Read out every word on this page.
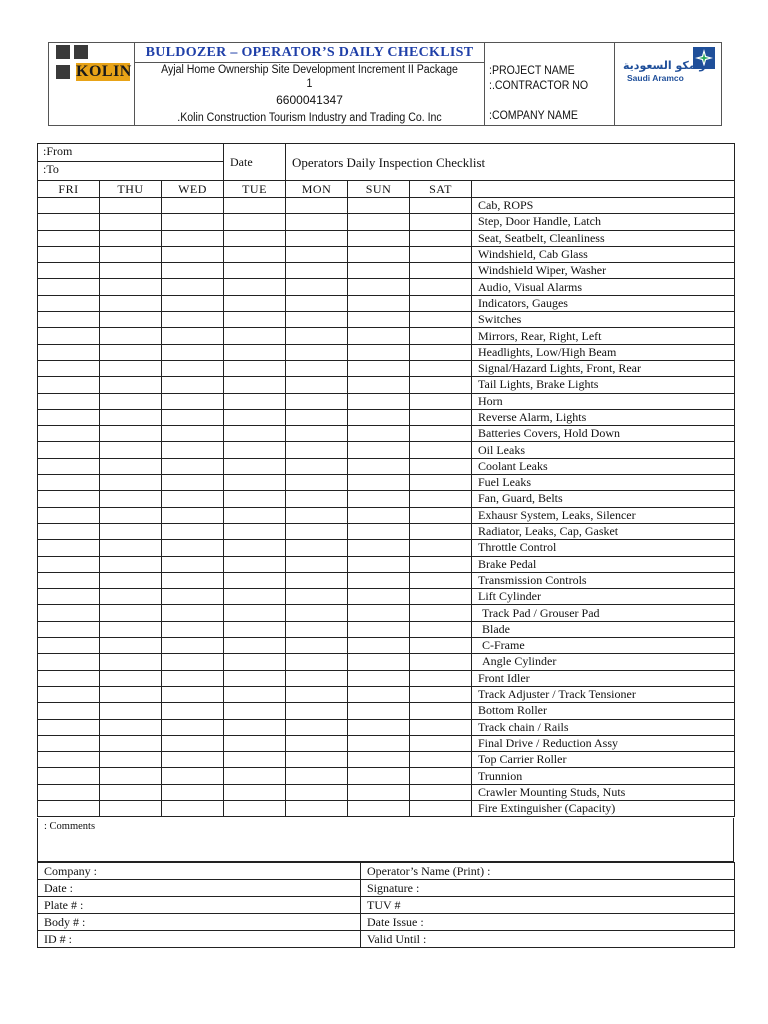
KOLIN
BULDOZER – OPERATOR’S DAILY CHECKLIST
Ayjal Home Ownership Site Development Increment II Package
1
6600041347
.Kolin Construction Tourism Industry and Trading Co. Inc
:PROJECT NAME
:.CONTRACTOR NO
:COMPANY NAME
ارامكو السعودية
Saudi Aramco
:From
:To			Date	Operators Daily Inspection Checklist			
FRI	THU	WED	TUE	MON	SUN	SAT	
							Cab, ROPS
							Step, Door Handle, Latch
							Seat, Seatbelt, Cleanliness
							Windshield, Cab Glass
							Windshield Wiper, Washer
							Audio, Visual Alarms
							Indicators, Gauges
							Switches
							Mirrors, Rear, Right, Left
							Headlights, Low/High Beam
							Signal/Hazard Lights, Front, Rear
							Tail Lights, Brake Lights
							Horn
							Reverse Alarm, Lights
							Batteries Covers, Hold Down
							Oil Leaks
							Coolant Leaks
							Fuel Leaks
							Fan, Guard, Belts
							Exhausr System, Leaks, Silencer
							Radiator, Leaks, Cap, Gasket
							Throttle Control
							Brake Pedal
							Transmission Controls
							Lift Cylinder
							Track Pad / Grouser Pad
							Blade
							C-Frame
							Angle Cylinder
							Front Idler
							Track Adjuster / Track Tensioner
							Bottom Roller
							Track chain / Rails
							Final Drive / Reduction Assy
							Top Carrier Roller
							Trunnion
							Crawler Mounting Studs, Nuts
							Fire Extinguisher (Capacity)
: Comments
Company :	Operator’s Name (Print) :
Date :	Signature :
Plate # :	TUV #
Body # :	Date Issue :
ID # :	Valid Until :
